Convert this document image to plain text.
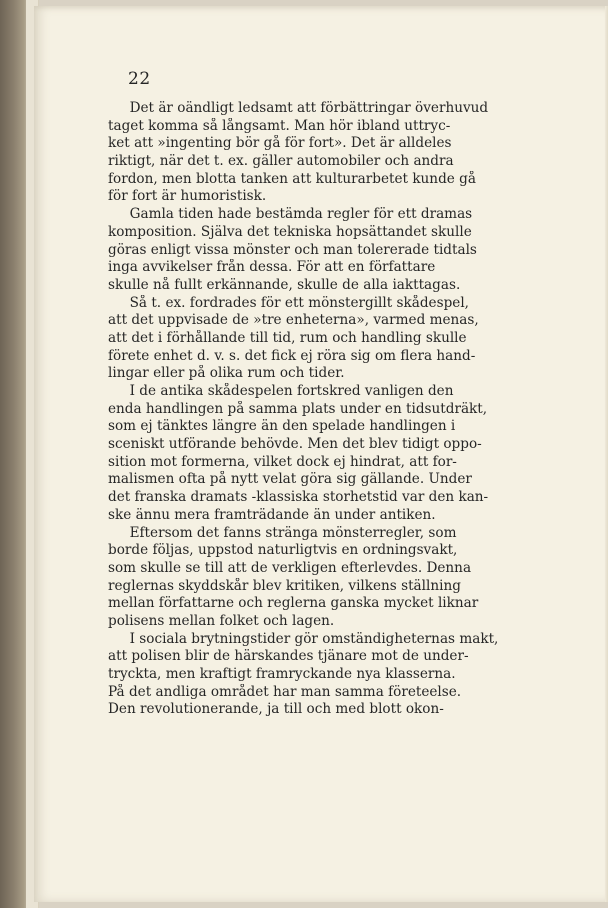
22
Det är oändligt ledsamt att förbättringar överhuvud
taget komma så långsamt. Man hör ibland uttryc-
ket att »ingenting bör gå för fort». Det är alldeles
riktigt, när det t. ex. gäller automobiler och andra
fordon, men blotta tanken att kulturarbetet kunde gå
för fort är humoristisk.
Gamla tiden hade bestämda regler för ett dramas
komposition. Själva det tekniska hopsättandet skulle
göras enligt vissa mönster och man tolererade tidtals
inga avvikelser från dessa. För att en författare
skulle nå fullt erkännande, skulle de alla iakttagas.
Så t. ex. fordrades för ett mönstergillt skådespel,
att det uppvisade de »tre enheterna», varmed menas,
att det i förhållande till tid, rum och handling skulle
förete enhet d. v. s. det fick ej röra sig om flera hand-
lingar eller på olika rum och tider.
I de antika skådespelen fortskred vanligen den
enda handlingen på samma plats under en tidsutdräkt,
som ej tänktes längre än den spelade handlingen i
sceniskt utförande behövde. Men det blev tidigt oppo-
sition mot formerna, vilket dock ej hindrat, att for-
malismen ofta på nytt velat göra sig gällande. Under
det franska dramats -klassiska storhetstid var den kan-
ske ännu mera framträdande än under antiken.
Eftersom det fanns stränga mönsterregler, som
borde följas, uppstod naturligtvis en ordningsvakt,
som skulle se till att de verkligen efterlevdes. Denna
reglernas skyddskår blev kritiken, vilkens ställning
mellan författarne och reglerna ganska mycket liknar
polisens mellan folket och lagen.
I sociala brytningstider gör omständigheternas makt,
att polisen blir de härskandes tjänare mot de under-
tryckta, men kraftigt framryckande nya klasserna.
På det andliga området har man samma företeelse.
Den revolutionerande, ja till och med blott okon-
